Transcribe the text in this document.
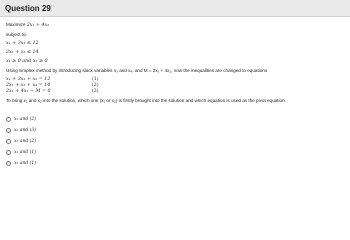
Question 29

Maximize 2x₁ + 4x₂

subject to

x₁ + 3x₂ ≤ 12

2x₁ + x₂ ≤ 14

x₁ ≥ 0 and x₂ ≥ 0

Using simplex method by introducing slack variables x₃ and x₄, and M = 2x₁ + 4x₂, now the inequalities are changed to equations

x₁ + 3x₂ + x₃ = 12	(1)
2x₁ + x₂ + x₄ = 14	(2)
2x₁ + 4x₂ − M = 0	(3)

To bring x₁ and x₂ into the solution, which one (x₁ or x₂) is firstly brought into the solution and which equation is used as the pivot equation.

x₁ and (2)
x₂ and (3)
x₂ and (2)
x₁ and (1)
x₂ and (1)
